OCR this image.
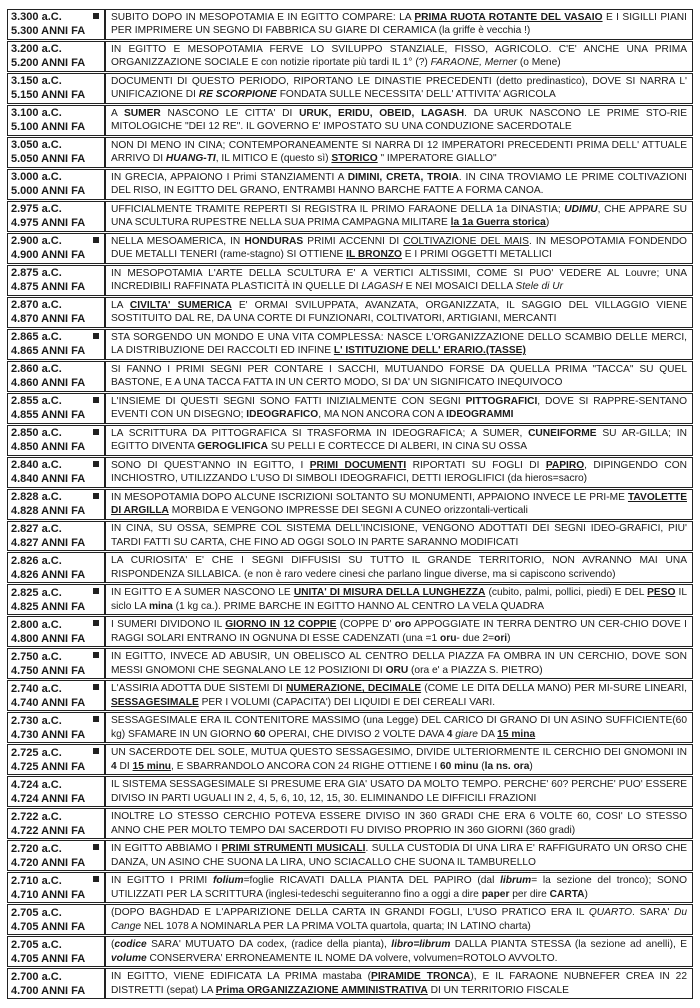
3.300 a.C.
5.300 ANNI FA
SUBITO DOPO IN MESOPOTAMIA E IN EGITTO COMPARE: LA PRIMA RUOTA ROTANTE DEL VASAIO E I SIGILLI PIANI PER IMPRIMERE UN SEGNO DI FABBRICA SU GIARE DI CERAMICA (la griffe è vecchia !)
3.200 a.C.
5.200 ANNI FA
IN EGITTO E MESOPOTAMIA FERVE LO SVILUPPO STANZIALE, FISSO, AGRICOLO. C'E' ANCHE UNA PRIMA ORGANIZZAZIONE SOCIALE E con notizie riportate più tardi IL 1° (?) FARAONE, Merner (o Mene)
3.150 a.C.
5.150 ANNI FA
DOCUMENTI DI QUESTO PERIODO, RIPORTANO LE DINASTIE PRECEDENTI (detto predinastico), DOVE SI NARRA L' UNIFICAZIONE DI RE SCORPIONE FONDATA SULLE NECESSITA' DELL' ATTIVITA' AGRICOLA
3.100 a.C.
5.100 ANNI FA
A SUMER NASCONO LE CITTA' DI URUK, ERIDU, OBEID, LAGASH. DA URUK NASCONO LE PRIME STO-RIE MITOLOGICHE "DEI 12 RE". IL GOVERNO E' IMPOSTATO SU UNA CONDUZIONE SACERDOTALE
3.050 a.C.
5.050 ANNI FA
NON DI MENO IN CINA; CONTEMPORANEAMENTE SI NARRA DI 12 IMPERATORI PRECEDENTI PRIMA DELL' ATTUALE ARRIVO DI HUANG-TI, IL MITICO E (questo sì) STORICO " IMPERATORE GIALLO"
3.000 a.C.
5.000 ANNI FA
IN GRECIA, APPAIONO I Primi STANZIAMENTI A DIMINI, CRETA, TROIA. IN CINA TROVIAMO LE PRIME COLTIVAZIONI DEL RISO, IN EGITTO DEL GRANO, ENTRAMBI HANNO BARCHE FATTE A FORMA CANOA.
2.975 a.C.
4.975 ANNI FA
UFFICIALMENTE TRAMITE REPERTI SI REGISTRA IL PRIMO FARAONE DELLA 1a DINASTIA; UDIMU, CHE APPARE SU UNA SCULTURA RUPESTRE NELLA SUA PRIMA CAMPAGNA MILITARE la 1a Guerra storica)
2.900 a.C.
4.900 ANNI FA
NELLA MESOAMERICA, IN HONDURAS PRIMI ACCENNI DI COLTIVAZIONE DEL MAIS. IN MESOPOTAMIA FONDENDO DUE METALLI TENERI (rame-stagno) SI OTTIENE IL BRONZO E I PRIMI OGGETTI METALLICI
2.875 a.C.
4.875 ANNI FA
IN MESOPOTAMIA L'ARTE DELLA SCULTURA E' A VERTICI ALTISSIMI, COME SI PUO' VEDERE AL Louvre; UNA INCREDIBILI RAFFINATA PLASTICITÀ IN QUELLE DI LAGASH E NEI MOSAICI DELLA Stele di Ur
2.870 a.C.
4.870 ANNI FA
LA CIVILTA' SUMERICA E' ORMAI SVILUPPATA, AVANZATA, ORGANIZZATA, IL SAGGIO DEL VILLAGGIO VIENE SOSTITUITO DAL RE, DA UNA CORTE DI FUNZIONARI, COLTIVATORI, ARTIGIANI, MERCANTI
2.865 a.C.
4.865 ANNI FA
STA SORGENDO UN MONDO E UNA VITA COMPLESSA: NASCE L'ORGANIZZAZIONE DELLO SCAMBIO DELLE MERCI, LA DISTRIBUZIONE DEI RACCOLTI ED INFINE L' ISTITUZIONE DELL' ERARIO.(TASSE)
2.860 a.C.
4.860 ANNI FA
SI FANNO I PRIMI SEGNI PER CONTARE I SACCHI, MUTUANDO FORSE DA QUELLA PRIMA "TACCA" SU QUEL BASTONE, E A UNA TACCA FATTA IN UN CERTO MODO, SI DA' UN SIGNIFICATO INEQUIVOCO
2.855 a.C.
4.855 ANNI FA
L'INSIEME DI QUESTI SEGNI SONO FATTI INIZIALMENTE CON SEGNI PITTOGRAFICI, DOVE SI RAPPRE-SENTANO EVENTI CON UN DISEGNO; IDEOGRAFICO, MA NON ANCORA CON A IDEOGRAMMI
2.850 a.C.
4.850 ANNI FA
LA SCRITTURA DA PITTOGRAFICA SI TRASFORMA IN IDEOGRAFICA; A SUMER, CUNEIFORME SU AR-GILLA; IN EGITTO DIVENTA GEROGLIFICA SU PELLI E CORTECCE DI ALBERI, IN CINA SU OSSA
2.840 a.C.
4.840 ANNI FA
SONO DI QUEST'ANNO IN EGITTO, I PRIMI DOCUMENTI RIPORTATI SU FOGLI DI PAPIRO, DIPINGENDO CON INCHIOSTRO, UTILIZZANDO L'USO DI SIMBOLI IDEOGRAFICI, DETTI IEROGLIFICI (da hieros=sacro)
2.828 a.C.
4.828 ANNI FA
IN MESOPOTAMIA DOPO ALCUNE ISCRIZIONI SOLTANTO SU MONUMENTI, APPAIONO INVECE LE PRI-ME TAVOLETTE DI ARGILLA MORBIDA E VENGONO IMPRESSE DEI SEGNI A CUNEO orizzontali-verticali
2.827 a.C.
4.827 ANNI FA
IN CINA, SU OSSA, SEMPRE COL SISTEMA DELL'INCISIONE, VENGONO ADOTTATI DEI SEGNI IDEO-GRAFICI, PIU' TARDI FATTI SU CARTA, CHE FINO AD OGGI SOLO IN PARTE SARANNO MODIFICATI
2.826 a.C.
4.826 ANNI FA
LA CURIOSITA' E' CHE I SEGNI DIFFUSISI SU TUTTO IL GRANDE TERRITORIO, NON AVRANNO MAI UNA RISPONDENZA SILLABICA. (e non è raro vedere cinesi che parlano lingue diverse, ma si capiscono scrivendo)
2.825 a.C.
4.825 ANNI FA
IN EGITTO E A SUMER NASCONO LE UNITA' DI MISURA DELLA LUNGHEZZA (cubito, palmi, pollici, piedi) E DEL PESO IL siclo LA mina (1 kg ca.). PRIME BARCHE IN EGITTO HANNO AL CENTRO LA VELA QUADRA
2.800 a.C.
4.800 ANNI FA
I SUMERI DIVIDONO IL GIORNO IN 12 COPPIE (COPPE D' oro APPOGGIATE IN TERRA DENTRO UN CER-CHIO DOVE I RAGGI SOLARI ENTRANO IN OGNUNA DI ESSE CADENZATI (una =1 oru- due 2=ori)
2.750 a.C.
4.750 ANNI FA
IN EGITTO, INVECE AD ABUSIR, UN OBELISCO AL CENTRO DELLA PIAZZA FA OMBRA IN UN CERCHIO, DOVE SON MESSI GNOMONI CHE SEGNALANO LE 12 POSIZIONI DI ORU (ora e' a PIAZZA S. PIETRO)
2.740 a.C.
4.740 ANNI FA
L'ASSIRIA ADOTTA DUE SISTEMI DI NUMERAZIONE, DECIMALE (COME LE DITA DELLA MANO) PER MI-SURE LINEARI, SESSAGESIMALE PER I VOLUMI (CAPACITA') DEI LIQUIDI E DEI CEREALI VARI.
2.730 a.C.
4.730 ANNI FA
SESSAGESIMALE ERA IL CONTENITORE MASSIMO (una Legge) DEL CARICO DI GRANO DI UN ASINO SUFFICIENTE(60 kg) SFAMARE IN UN GIORNO 60 OPERAI, CHE DIVISO 2 VOLTE DAVA 4 giare DA 15 mina
2.725 a.C.
4.725 ANNI FA
UN SACERDOTE DEL SOLE, MUTUA QUESTO SESSAGESIMO, DIVIDE ULTERIORMENTE IL CERCHIO DEI GNOMONI IN 4 DI 15 minu, E SBARRANDOLO ANCORA CON 24 RIGHE OTTIENE I 60 minu (la ns. ora)
4.724 a.C.
4.724 ANNI FA
IL SISTEMA SESSAGESIMALE SI PRESUME ERA GIA' USATO DA MOLTO TEMPO. PERCHE' 60? PERCHE' PUO' ESSERE DIVISO IN PARTI UGUALI IN 2, 4, 5, 6, 10, 12, 15, 30. ELIMINANDO LE DIFFICILI FRAZIONI
2.722 a.C.
4.722 ANNI FA
INOLTRE LO STESSO CERCHIO POTEVA ESSERE DIVISO IN 360 GRADI CHE ERA 6 VOLTE 60, COSI' LO STESSO ANNO CHE PER MOLTO TEMPO DAI SACERDOTI FU DIVISO PROPRIO IN 360 GIORNI (360 gradi)
2.720 a.C.
4.720 ANNI FA
IN EGITTO ABBIAMO I PRIMI STRUMENTI MUSICALI. SULLA CUSTODIA DI UNA LIRA E' RAFFIGURATO UN ORSO CHE DANZA, UN ASINO CHE SUONA LA LIRA, UNO SCIACALLO CHE SUONA IL TAMBURELLO
2.710 a.C.
4.710 ANNI FA
IN EGITTO I PRIMI folium=foglie RICAVATI DALLA PIANTA DEL PAPIRO (dal librum= la sezione del tronco); SONO UTILIZZATI PER LA SCRITTURA (inglesi-tedeschi seguiteranno fino a oggi a dire paper per dire CARTA)
2.705 a.C.
4.705 ANNI FA
(DOPO BAGHDAD E L'APPARIZIONE DELLA CARTA IN GRANDI FOGLI, L'USO PRATICO ERA IL QUARTO. SARA' Du Cange NEL 1078 A NOMINARLA PER LA PRIMA VOLTA quartola, quarta; IN LATINO charta)
2.705 a.C.
4.705 ANNI FA
(codice SARA' MUTUATO DA codex, (radice della pianta), libro=librum DALLA PIANTA STESSA (la sezione ad anelli), E volume CONSERVERA' ERRONEAMENTE IL NOME DA volvere, volvumen=ROTOLO AVVOLTO.
2.700 a.C.
4.700 ANNI FA
IN EGITTO, VIENE EDIFICATA LA PRIMA mastaba (PIRAMIDE TRONCA), E IL FARAONE NUBNEFER CREA IN 22 DISTRETTI (sepat) LA Prima ORGANIZZAZIONE AMMINISTRATIVA DI UN TERRITORIO FISCALE
